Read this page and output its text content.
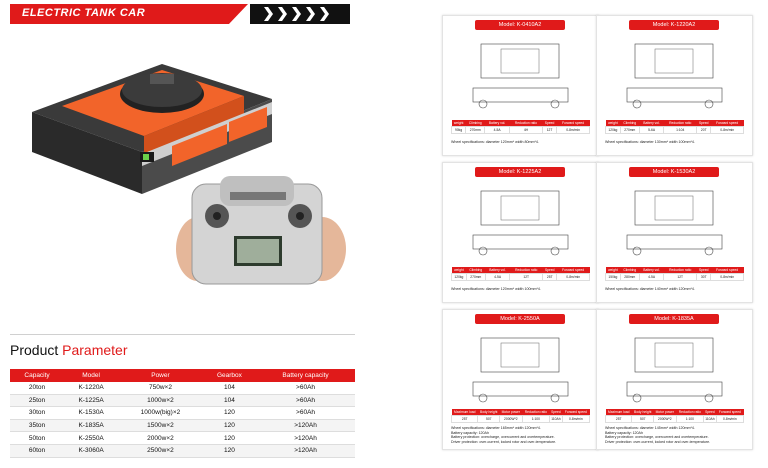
ELECTRIC TANK CAR
Product Parameter
Capacity	Model	Power	Gearbox	Battery capacity
20ton	K-1220A	750w×2	104	>60Ah
25ton	K-1225A	1000w×2	104	>60Ah
30ton	K-1530A	1000w(big)×2	120	>60Ah
35ton	K-1835A	1500w×2	120	>120Ah
50ton	K-2550A	2000w×2	120	>120Ah
60ton	K-3060A	2500w×2	120	>120Ah
Model: K-0410A2
weight	Climbing	Battery vol.	Reduction ratio	Speed	Forward speed
90kg	270mm	4-5A	4H	12T	0-8m/min
Wheel specifications: diameter 120mm* width 80mm*4.
Model: K-1220A2
weight	Climbing	Battery vol.	Reduction ratio	Speed	Forward speed
120kg	270mm	5-6A	1:104	20T	0-8m/min
Wheel specifications: diameter 130mm* width 100mm*4.
Model: K-1225A2
weight	Climbing	Battery vol.	Reduction ratio	Speed	Forward speed
120kg	270mm	4-5A	12T	25T	0-8m/min
Wheel specifications: diameter 120mm* width 100mm*4.
Model: K-1530A2
weight	Climbing	Battery vol.	Reduction ratio	Speed	Forward speed
150kg	280mm	4-5A	12T	30T	0-8m/min
Wheel specifications: diameter 140mm* width 120mm*4.
Model: K-2550A
Maximum load	Body height	Motor power	Reduction ratio	Speed	Forward speed
25T	507	2000W*2	1:100	110Ah	0-8m/min
Wheel specifications: diameter 165mm* width 120mm*4.
Battery capacity: 120Ah
Battery protection: overcharge, overcurrent and overtemperature.
Driver protection: over-current, locked rotor and over-temperature.
Model: K-1835A
Maximum load	Body height	Motor power	Reduction ratio	Speed	Forward speed
25T	507	2000W*2	1:100	110Ah	0-8m/min
Wheel specifications: diameter 145mm* width 120mm*4.
Battery capacity: 120Ah
Battery protection: overcharge, overcurrent and overtemperature.
Driver protection: over-current, locked rotor and over-temperature.
